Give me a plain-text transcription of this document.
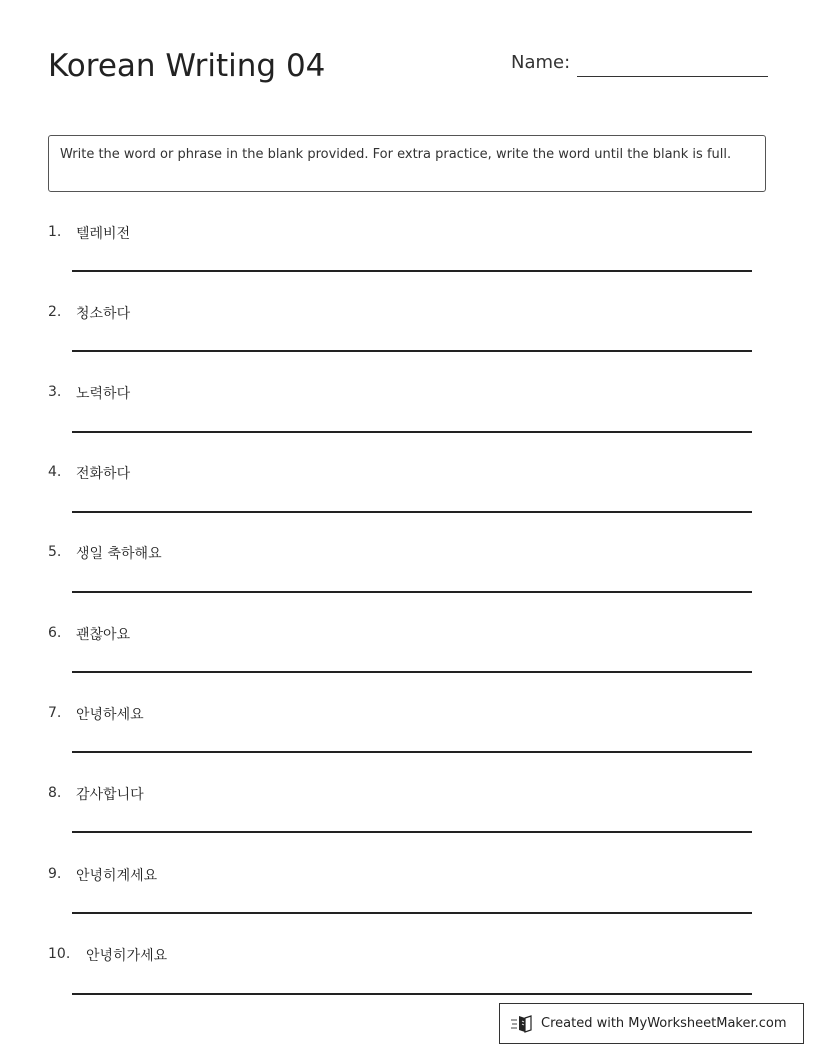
Korean Writing 04	Name:
Write the word or phrase in the blank provided. For extra practice, write the word until the blank is full.
1. 텔레비전
2. 청소하다
3. 노력하다
4. 전화하다
5. 생일 축하해요
6. 괜찮아요
7. 안녕하세요
8. 감사합니다
9. 안녕히계세요
10. 안녕히가세요
Created with MyWorksheetMaker.com
